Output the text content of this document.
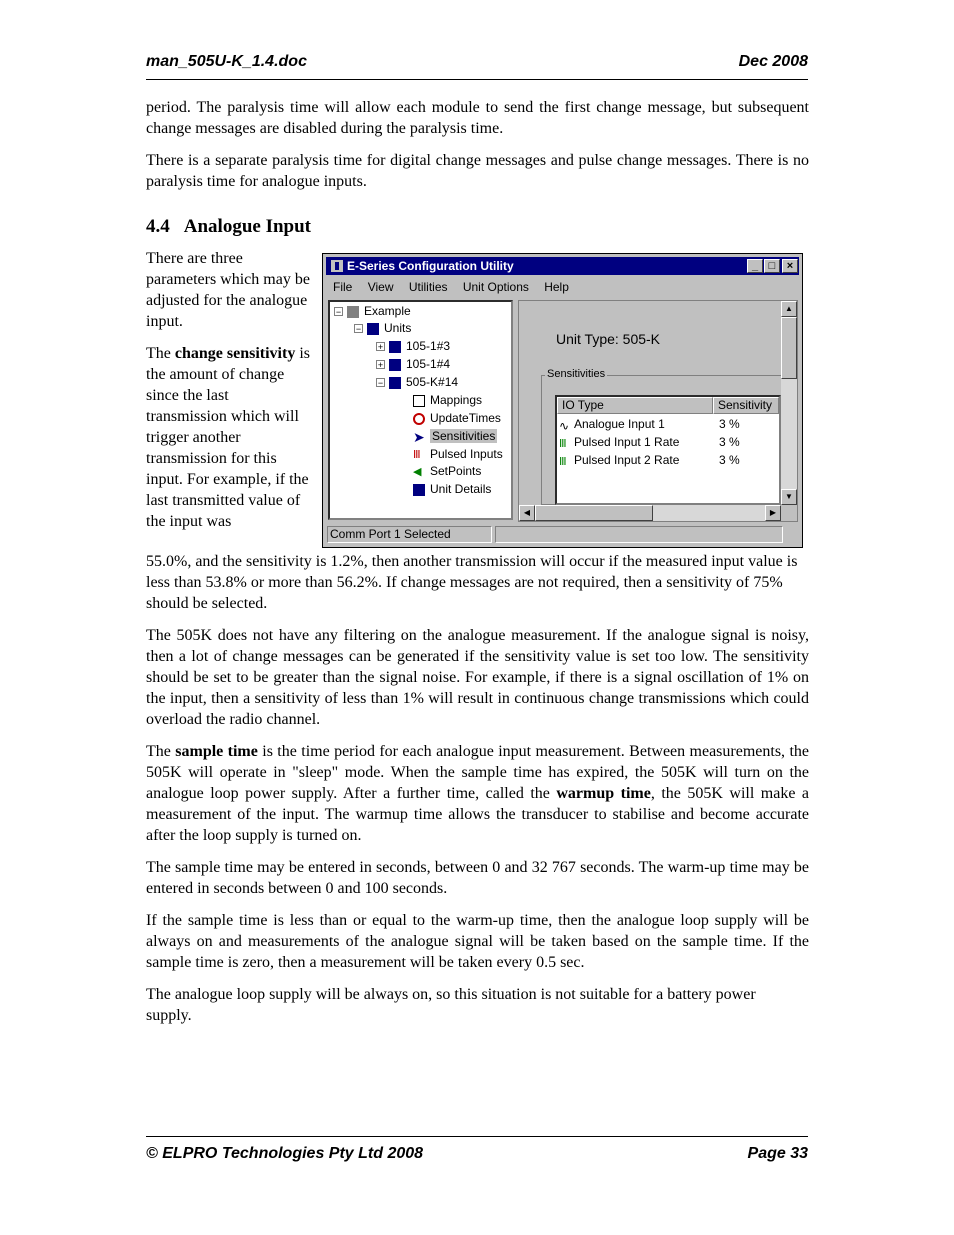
man_505U-K_1.4.doc	Dec 2008

period. The paralysis time will allow each module to send the first change message, but subsequent change messages are disabled during the paralysis time.

There is a separate paralysis time for digital change messages and pulse change messages. There is no paralysis time for analogue inputs.

4.4 Analogue Input

There are three parameters which may be adjusted for the analogue input.

The change sensitivity is the amount of change since the last transmission which will trigger another transmission for this input. For example, if the last transmitted value of the input was

E-Series Configuration Utility	_ □	×
File View Utilities Unit Options Help
− Example
− Units
+ 105-1#3
+ 105-1#4
− 505-K#14
Mappings
UpdateTimes
➤ Sensitivities
Ⅲ Pulsed Inputs
◀ SetPoints
Unit Details
Unit Type: 505-K
Sensitivities
IO Type	Sensitivity
∿ Analogue Input 1	3 %
Ⅲ Pulsed Input 1 Rate	3 %
Ⅲ Pulsed Input 2 Rate	3 %
▲
▼
◀	▶
Comm Port 1 Selected

55.0%, and the sensitivity is 1.2%, then another transmission will occur if the measured input value is less than 53.8% or more than 56.2%. If change messages are not required, then a sensitivity of 75% should be selected.

The 505K does not have any filtering on the analogue measurement. If the analogue signal is noisy, then a lot of change messages can be generated if the sensitivity value is set too low. The sensitivity should be set to be greater than the signal noise. For example, if there is a signal oscillation of 1% on the input, then a sensitivity of less than 1% will result in continuous change transmissions which could overload the radio channel.

The sample time is the time period for each analogue input measurement. Between measurements, the 505K will operate in "sleep" mode. When the sample time has expired, the 505K will turn on the analogue loop power supply. After a further time, called the warmup time, the 505K will make a measurement of the input. The warmup time allows the transducer to stabilise and become accurate after the loop supply is turned on.

The sample time may be entered in seconds, between 0 and 32 767 seconds. The warm-up time may be entered in seconds between 0 and 100 seconds.

If the sample time is less than or equal to the warm-up time, then the analogue loop supply will be always on and measurements of the analogue signal will be taken based on the sample time. If the sample time is zero, then a measurement will be taken every 0.5 sec.

The analogue loop supply will be always on, so this situation is not suitable for a battery power supply.

© ELPRO Technologies Pty Ltd 2008	Page 33
